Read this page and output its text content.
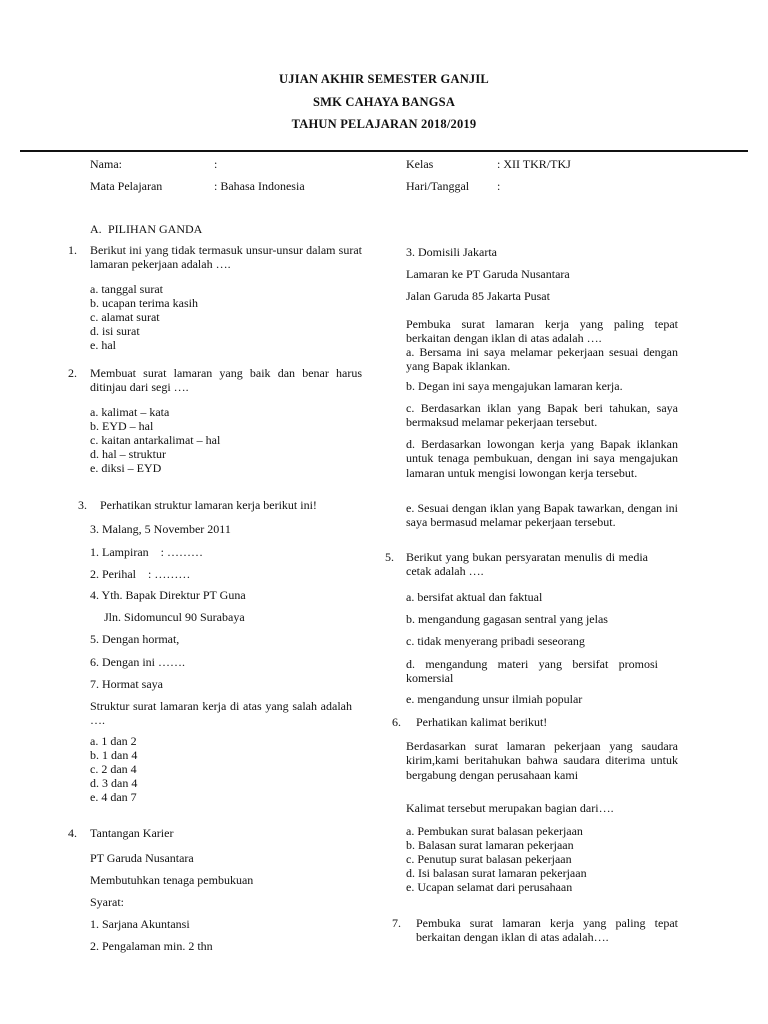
UJIAN AKHIR SEMESTER GANJIL
SMK CAHAYA BANGSA
TAHUN PELAJARAN 2018/2019
Nama:	:
Mata Pelajaran	: Bahasa Indonesia
Kelas	: XII TKR/TKJ
Hari/Tanggal :
A. PILIHAN GANDA
1. Berikut ini yang tidak termasuk unsur-unsur dalam surat lamaran pekerjaan adalah ….
a. tanggal surat
b. ucapan terima kasih
c. alamat surat
d. isi surat
e. hal
2. Membuat surat lamaran yang baik dan benar harus ditinjau dari segi ….
a. kalimat – kata
b. EYD – hal
c. kaitan antarkalimat – hal
d. hal – struktur
e. diksi – EYD
3. Perhatikan struktur lamaran kerja berikut ini!
3. Malang, 5 November 2011
1. Lampiran    : ………
2. Perihal    : ………
4. Yth. Bapak Direktur PT Guna
Jln. Sidomuncul 90 Surabaya
5. Dengan hormat,
6. Dengan ini …….
7. Hormat saya
Struktur surat lamaran kerja di atas yang salah adalah ….
a. 1 dan 2
b. 1 dan 4
c. 2 dan 4
d. 3 dan 4
e. 4 dan 7
4. Tantangan Karier
PT Garuda Nusantara
Membutuhkan tenaga pembukuan
Syarat:
1. Sarjana Akuntansi
2. Pengalaman min. 2 thn
3. Domisili Jakarta
Lamaran ke PT Garuda Nusantara
Jalan Garuda 85 Jakarta Pusat
Pembuka surat lamaran kerja yang paling tepat berkaitan dengan iklan di atas adalah ….
a. Bersama ini saya melamar pekerjaan sesuai dengan yang Bapak iklankan.
b. Degan ini saya mengajukan lamaran kerja.
c. Berdasarkan iklan yang Bapak beri tahukan, saya bermaksud melamar pekerjaan tersebut.
d. Berdasarkan lowongan kerja yang Bapak iklankan untuk tenaga pembukuan, dengan ini saya mengajukan lamaran untuk mengisi lowongan kerja tersebut.
e. Sesuai dengan iklan yang Bapak tawarkan, dengan ini saya bermasud melamar pekerjaan tersebut.
5. Berikut yang bukan persyaratan menulis di media cetak adalah ….
a. bersifat aktual dan faktual
b. mengandung gagasan sentral yang jelas
c. tidak menyerang pribadi seseorang
d. mengandung materi yang bersifat promosi komersial
e. mengandung unsur ilmiah popular
6. Perhatikan kalimat berikut!
Berdasarkan surat lamaran pekerjaan yang saudara kirim,kami beritahukan bahwa saudara diterima untuk bergabung dengan perusahaan kami
Kalimat tersebut merupakan bagian dari….
a. Pembukan surat balasan pekerjaan
b. Balasan surat lamaran pekerjaan
c. Penutup surat balasan pekerjaan
d. Isi balasan surat lamaran pekerjaan
e. Ucapan selamat dari perusahaan
7. Pembuka surat lamaran kerja yang paling tepat berkaitan dengan iklan di atas adalah….
